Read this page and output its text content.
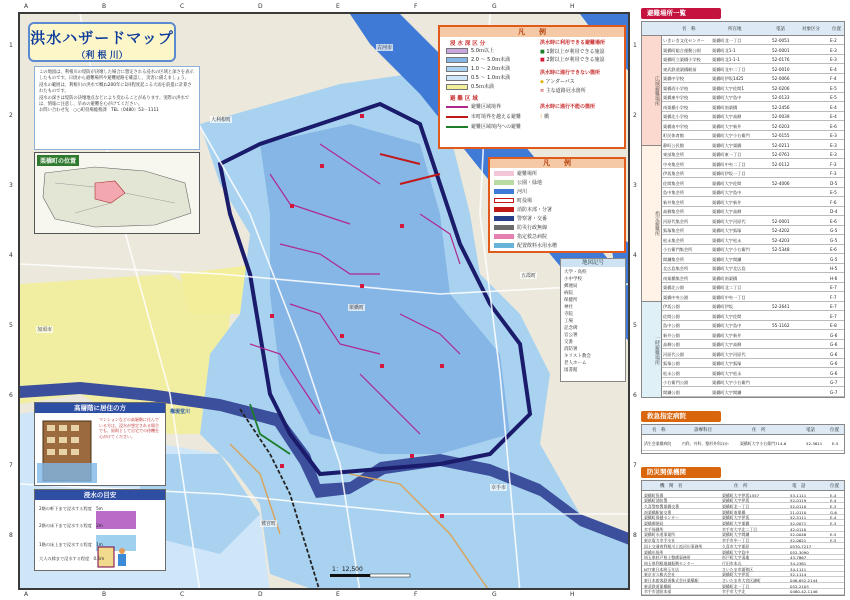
A	B	C	D	E	F	G	H
A	B	C	D	E	F	G	H
1
2
3
4
5
6
7
8
1
2
3
4
5
6
7
8
栗橋町
五霞町
古河市
加須市
鷲宮町
幸手市
大利根町
権現堂川
1：12,500
洪水ハザードマップ
（利 根 川）

この地図は、利根川の堤防が決壊した場合に想定される浸水の区域と深さを表示したものです。日頃から避難場所や避難経路を確認し、災害に備えましょう。

浸水の範囲は、利根川の洪水で概ね200年に1回程度起こる大雨を前提に計算されたものです。

浸水の深さは堤防の決壊地点などにより変わることがあります。実際の洪水では、情報に注意し、早めの避難を心がけてください。

お問い合わせ先　○○町役場総務課　TEL（0480）53－1111

栗橋町の位置
凡　　例
浸 水 深 区 分
5.0ｍ以上
2.0 ～ 5.0ｍ未満
1.0 ～ 2.0ｍ未満
0.5 ～ 1.0ｍ未満
0.5ｍ未満
避 難 区 域
避難区域境界
市町境界を越える避難
避難区域境内への避難
洪水時に利用できる避難場所
■ 1階以上が利用できる施設
■ 2階以上が利用できる施設
洪水時に通行できない箇所
◆ アンダーパス
≡ 主な道路冠水箇所
洪水時に通行不能の箇所
⌇ 橋
凡　　例
避難場所
公園・緑地
河川
町役場
消防本部・分署
警察署・交番
防災行政無線
指定救急病院
配置飲料水用水槽
地図記号
大学・高校
小中学校
郵便局
病院
保健所
神社
寺院
工場
記念碑
官公署
交番
消防署
キリスト教会
老人ホーム
図書館
高層階に居住の方
マンションなどの高層階に住んでいる方は、浸水が想定される場合でも、原則として自宅での待機を心がけてください。
浸水の目安
2階の軒下まで浸水する程度　5m
2階の床下まで浸水する程度　2m
1階の床上まで浸水する程度　1m
大人の膝まで浸水する程度　0.5m
避難場所一覧
名　称	所在地	電話	対象区分	位置
広域避難場所
指定避難所
一時避難場所
いきいき文化センター	栗橋町北一丁目	52-0051	E-2
栗橋町総合運動公園	栗橋町北1-1	52-0001	E-3
栗橋町立栗橋小学校	栗橋町北1-1-1	52-0176	E-3
東武鉄道栗橋駅前	栗橋町北中二丁目	52-0010	E-4
栗橋中学校	栗橋町伊坂1425	52-0066	F-4
栗橋西小学校	栗橋町大字佐間1	52-0206	E-5
栗橋東中学校	栗橋町大字島中	52-0133	E-5
南栗橋小学校	栗橋町南栗橋	52-2456	E-4
栗橋北小学校	栗橋町大字高柳	52-0039	E-4
栗橋南中学校	栗橋町大字新井	52-0203	E-6
町民体育館	栗橋町大字小右衛門	52-0155	E-3
静町公民館	栗橋町大字栗橋	52-0211	E-3
東部集会所	栗橋町東一丁目	52-0761	E-3
中央集会所	栗橋町中央二丁目	52-0112	F-3
伊坂集会所	栗橋町伊坂一丁目	F-3
佐間集会所	栗橋町大字佐間	52-4006	D-5
島中集会所	栗橋町大字島中	E-5
新井集会所	栗橋町大字新井	F-6
高柳集会所	栗橋町大字高柳	D-4
河原代集会所	栗橋町大字河原代	52-0001	E-6
狐塚集会所	栗橋町大字狐塚	52-4202	G-5
松永集会所	栗橋町大字松永	52-4203	G-5
小右衛門集会所	栗橋町大字小右衛門	52-5348	E-6
間鎌集会所	栗橋町大字間鎌	G-5
北広島集会所	栗橋町大字北広島	H-5
南栗橋集会所	栗橋町南栗橋	H-6
栗橋北公園	栗橋町北二丁目	E-7
栗橋中央公園	栗橋町中央一丁目	F-7
伊坂公園	栗橋町伊坂	52-2641	E-7
佐間公園	栗橋町大字佐間	E-7
島中公園	栗橋町大字島中	55-1162	E-8
新井公園	栗橋町大字新井	G-6
高柳公園	栗橋町大字高柳	G-6
河原代公園	栗橋町大字河原代	G-6
狐塚公園	栗橋町大字狐塚	G-6
松永公園	栗橋町大字松永	G-6
小右衛門公園	栗橋町大字小右衛門	G-7
間鎌公園	栗橋町大字間鎌	G-7
救急指定病院
名　称	診療科目	住　所	電話	位置
済生会栗橋病院	内科、外科、整形外科ほか	栗橋町大字小右衛門714-6	52-3611 E-5
防災関係機関
機　関　名	住　所	電　話	位置
栗橋町役場	栗橋町大字伊坂1557	53-1111	E-4
栗橋町消防署	栗橋町大字伊坂	52-0119	E-4
久喜警察署栗橋交番	栗橋町北一丁目	52-0110	E-3
南栗橋駅前交番	栗橋町南栗橋	21-0110	G-6
栗橋町保健センター	栗橋町大字伊坂	52-5111	E-4
栗橋郵便局	栗橋町大字栗橋	52-0071	E-3
幸手保健所	幸手市大字北二丁目	42-0110
栗橋町水道事業所	栗橋町大字間鎌	52-0048	E-5
東京電力幸手支社	幸手市中一丁目	52-0621	E-5
国土交通省利根川上流河川事務所	久喜市大字栗原	0570-7217
栗橋出張所	栗橋町大字島中	052-3090
埼玉県杉戸県土整備事務所	杉戸町大字清地	43-7867
埼玉県利根地域振興センター	行田市本丸	34-2381
NTT東日本埼玉支店	さいたま市浦和区	34-1111
東京ガス株式会社	栗橋町大字伊坂	52-1114
東日本旅客鉄道株式会社栗橋駅	さいたま市大宮区錦町	048-652-2144
東武鉄道栗橋駅	栗橋町北一丁目	052-2103
幸手市消防本部	幸手市大字北	0480-42-1146
